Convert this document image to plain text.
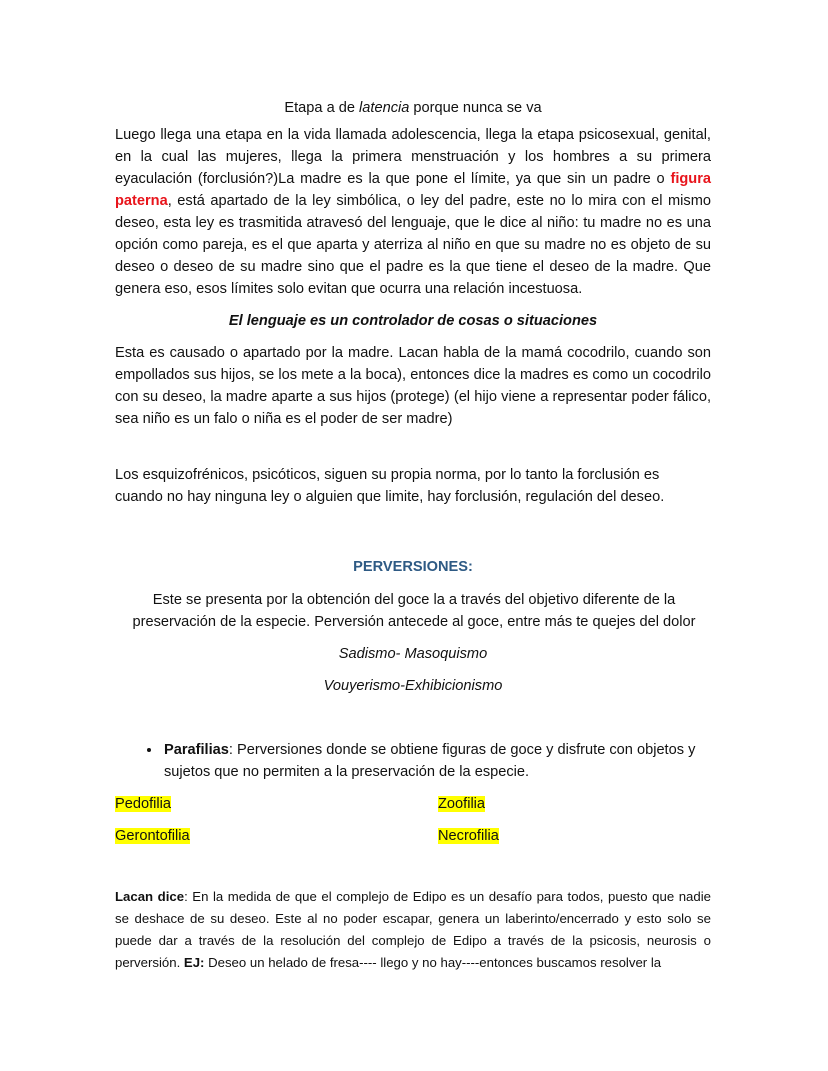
Etapa a de latencia porque nunca se va
Luego llega una etapa en la vida llamada adolescencia, llega la etapa psicosexual, genital, en la cual las mujeres, llega la primera menstruación y los hombres a su primera eyaculación (forclusión?)La madre es la que pone el límite, ya que sin un padre o figura paterna, está apartado de la ley simbólica, o ley del padre, este no lo mira con el mismo deseo, esta ley es trasmitida atravesó del lenguaje, que le dice al niño: tu madre no es una opción como pareja, es el que aparta y aterriza al niño en que su madre no es objeto de su deseo o deseo de su madre sino que el padre es la que tiene el deseo de la madre. Que genera eso, esos límites solo evitan que ocurra una relación incestuosa.
El lenguaje es un controlador de cosas o situaciones
Esta es causado o apartado por la madre. Lacan habla de la mamá cocodrilo, cuando son empollados sus hijos, se los mete a la boca), entonces dice la madres es como un cocodrilo con su deseo, la madre aparte a sus hijos (protege) (el hijo viene a representar poder fálico, sea niño es un falo o niña es el poder de ser madre)
Los esquizofrénicos, psicóticos, siguen su propia norma, por lo tanto la forclusión es cuando no hay ninguna ley o alguien que limite, hay forclusión, regulación del deseo.
PERVERSIONES:
Este se presenta por la obtención del goce la a través del objetivo diferente de la preservación de la especie. Perversión antecede al goce, entre más te quejes del dolor
Sadismo- Masoquismo
Vouyerismo-Exhibicionismo
• Parafilias: Perversiones donde se obtiene figuras de goce y disfrute con objetos y sujetos que no permiten a la preservación de la especie.
Pedofilia	Zoofilia
Gerontofilia	Necrofilia
Lacan dice: En la medida de que el complejo de Edipo es un desafío para todos, puesto que nadie se deshace de su deseo. Este al no poder escapar, genera un laberinto/encerrado y esto solo se puede dar a través de la resolución del complejo de Edipo a través de la psicosis, neurosis o perversión. EJ: Deseo un helado de fresa---- llego y no hay----entonces buscamos resolver la
